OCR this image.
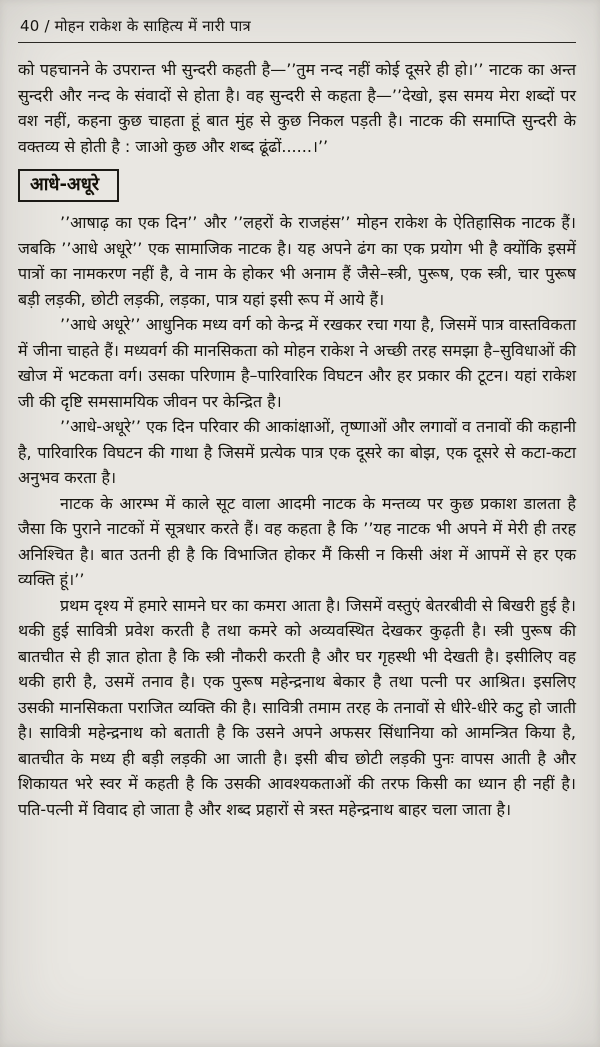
40 / मोहन राकेश के साहित्य में नारी पात्र

को पहचानने के उपरान्त भी सुन्दरी कहती है—’’तुम नन्द नहीं कोई दूसरे ही हो।’’ नाटक का अन्त सुन्दरी और नन्द के संवादों से होता है। वह सुन्दरी से कहता है—’’देखो, इस समय मेरा शब्दों पर वश नहीं, कहना कुछ चाहता हूं बात मुंह से कुछ निकल पड़ती है। नाटक की समाप्ति सुन्दरी के वक्तव्य से होती है : जाओ कुछ और शब्द ढूंढों......।’’

आधे-अधूरे

’’आषाढ़ का एक दिन’’ और ’’लहरों के राजहंस’’ मोहन राकेश के ऐतिहासिक नाटक हैं। जबकि ’’आधे अधूरे’’ एक सामाजिक नाटक है। यह अपने ढंग का एक प्रयोग भी है क्योंकि इसमें पात्रों का नामकरण नहीं है, वे नाम के होकर भी अनाम हैं जैसे–स्त्री, पुरूष, एक स्त्री, चार पुरूष बड़ी लड़की, छोटी लड़की, लड़का, पात्र यहां इसी रूप में आये हैं।

’’आधे अधूरे’’ आधुनिक मध्य वर्ग को केन्द्र में रखकर रचा गया है, जिसमें पात्र वास्तविकता में जीना चाहते हैं। मध्यवर्ग की मानसिकता को मोहन राकेश ने अच्छी तरह समझा है–सुविधाओं की खोज में भटकता वर्ग। उसका परिणाम है–पारिवारिक विघटन और हर प्रकार की टूटन। यहां राकेश जी की दृष्टि समसामयिक जीवन पर केन्द्रित है।

’’आधे-अधूरे’’ एक दिन परिवार की आकांक्षाओं, तृष्णाओं और लगावों व तनावों की कहानी है, पारिवारिक विघटन की गाथा है जिसमें प्रत्येक पात्र एक दूसरे का बोझ, एक दूसरे से कटा-कटा अनुभव करता है।

नाटक के आरम्भ में काले सूट वाला आदमी नाटक के मन्तव्य पर कुछ प्रकाश डालता है जैसा कि पुराने नाटकों में सूत्रधार करते हैं। वह कहता है कि ’’यह नाटक भी अपने में मेरी ही तरह अनिश्चित है। बात उतनी ही है कि विभाजित होकर मैं किसी न किसी अंश में आपमें से हर एक व्यक्ति हूं।’’

प्रथम दृश्य में हमारे सामने घर का कमरा आता है। जिसमें वस्तुएं बेतरबीवी से बिखरी हुई है। थकी हुई सावित्री प्रवेश करती है तथा कमरे को अव्यवस्थित देखकर कुढ़ती है। स्त्री पुरूष की बातचीत से ही ज्ञात होता है कि स्त्री नौकरी करती है और घर गृहस्थी भी देखती है। इसीलिए वह थकी हारी है, उसमें तनाव है। एक पुरूष महेन्द्रनाथ बेकार है तथा पत्नी पर आश्रित। इसलिए उसकी मानसिकता पराजित व्यक्ति की है। सावित्री तमाम तरह के तनावों से धीरे-धीरे कटु हो जाती है। सावित्री महेन्द्रनाथ को बताती है कि उसने अपने अफसर सिंधानिया को आमन्त्रित किया है, बातचीत के मध्य ही बड़ी लड़की आ जाती है। इसी बीच छोटी लड़की पुनः वापस आती है और शिकायत भरे स्वर में कहती है कि उसकी आवश्यकताओं की तरफ किसी का ध्यान ही नहीं है। पति-पत्नी में विवाद हो जाता है और शब्द प्रहारों से त्रस्त महेन्द्रनाथ बाहर चला जाता है।
